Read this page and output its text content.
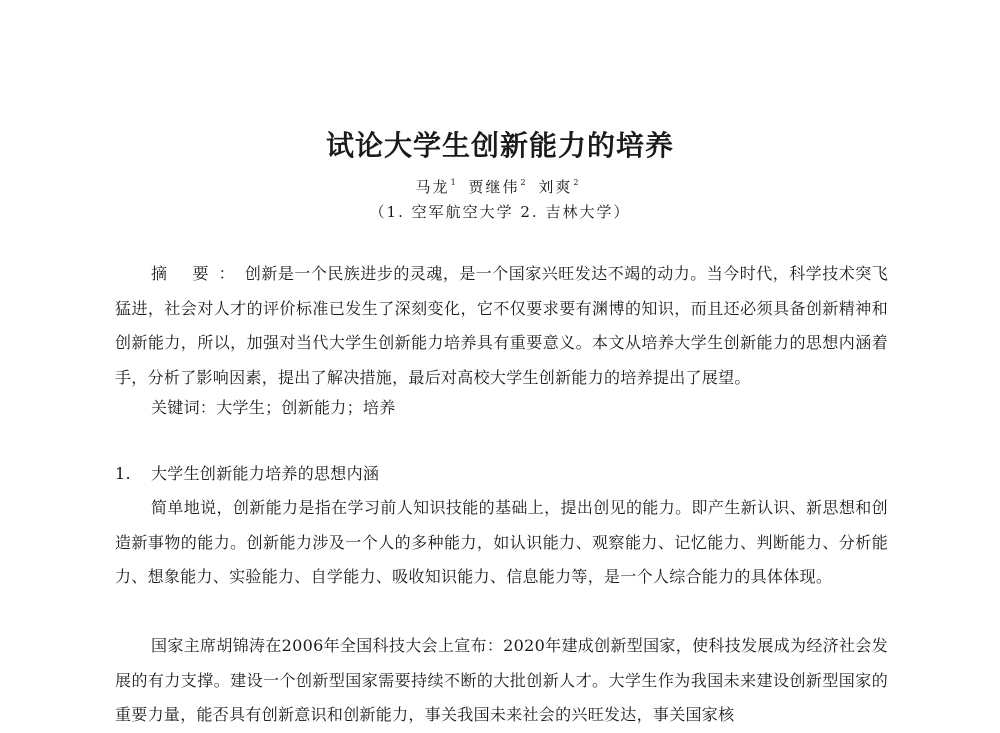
试论大学生创新能力的培养
马龙$^1$ 贾继伟$^2$ 刘爽$^2$
（1. 空军航空大学 2. 吉林大学）
摘 要：创新是一个民族进步的灵魂，是一个国家兴旺发达不竭的动力。当今时代，科学技术突飞猛进，社会对人才的评价标准已发生了深刻变化，它不仅要求要有渊博的知识，而且还必须具备创新精神和创新能力，所以，加强对当代大学生创新能力培养具有重要意义。本文从培养大学生创新能力的思想内涵着手，分析了影响因素，提出了解决措施，最后对高校大学生创新能力的培养提出了展望。
关键词：大学生；创新能力；培养
1. 大学生创新能力培养的思想内涵

简单地说，创新能力是指在学习前人知识技能的基础上，提出创见的能力。即产生新认识、新思想和创造新事物的能力。创新能力涉及一个人的多种能力，如认识能力、观察能力、记忆能力、判断能力、分析能力、想象能力、实验能力、自学能力、吸收知识能力、信息能力等，是一个人综合能力的具体体现。

国家主席胡锦涛在2006年全国科技大会上宣布：2020年建成创新型国家，使科技发展成为经济社会发展的有力支撑。建设一个创新型国家需要持续不断的大批创新人才。大学生作为我国未来建设创新型国家的重要力量，能否具有创新意识和创新能力，事关我国未来社会的兴旺发达，事关国家核
